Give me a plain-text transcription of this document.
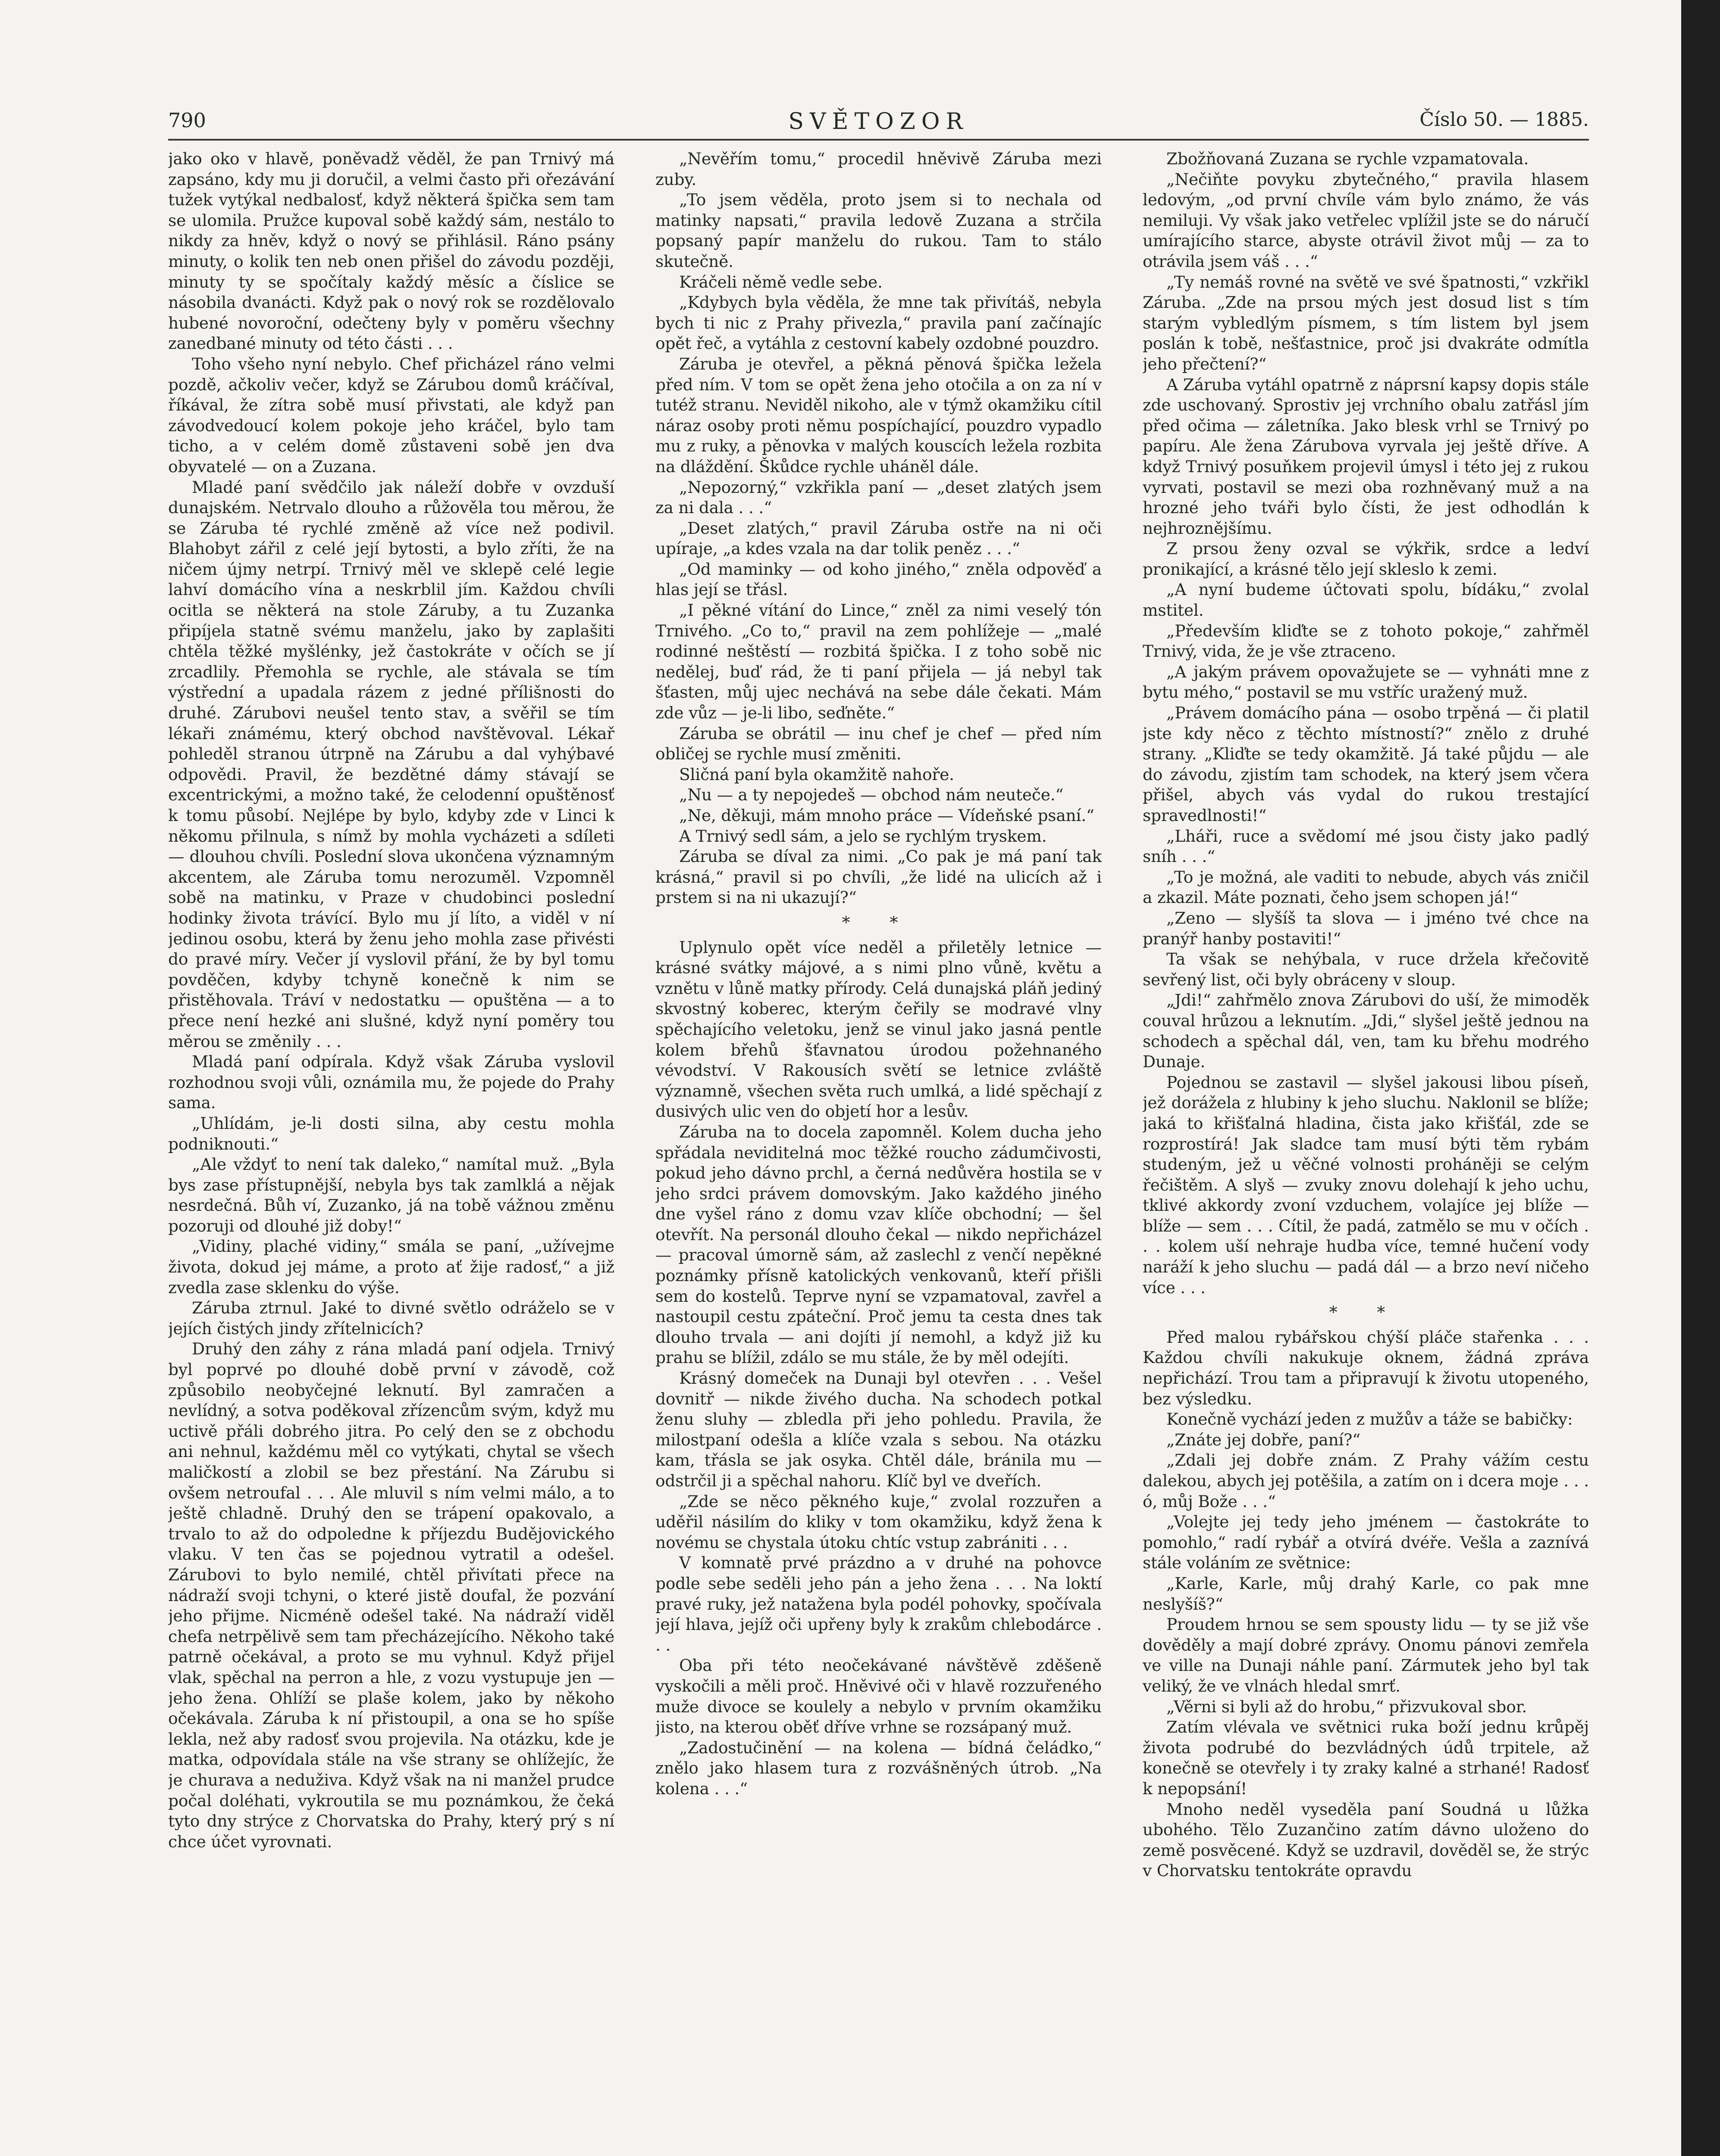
790	SVĚTOZOR	Číslo 50. — 1885.

jako oko v hlavě, poněvadž věděl, že pan Trnivý má zapsáno, kdy mu ji doručil, a velmi často při ořezávání tužek vytýkal nedbalosť, když některá špička sem tam se ulomila. Pružce kupoval sobě každý sám, nestálo to nikdy za hněv, když o nový se přihlásil. Ráno psány minuty, o kolik ten neb onen přišel do závodu později, minuty ty se spočítaly každý měsíc a číslice se násobila dvanácti. Když pak o nový rok se rozdělovalo hubené novoroční, odečteny byly v poměru všechny zanedbané minuty od této části . . .

Toho všeho nyní nebylo. Chef přicházel ráno velmi pozdě, ačkoliv večer, když se Zárubou domů kráčíval, říkával, že zítra sobě musí přivstati, ale když pan závodvedoucí kolem pokoje jeho kráčel, bylo tam ticho, a v celém domě zůstaveni sobě jen dva obyvatelé — on a Zuzana.

Mladé paní svědčilo jak náleží dobře v ovzduší dunajském. Netrvalo dlouho a růžověla tou měrou, že se Záruba té rychlé změně až více než podivil. Blahobyt zářil z celé její bytosti, a bylo zříti, že na ničem újmy netrpí. Trnivý měl ve sklepě celé legie lahví domácího vína a neskrblil jím. Každou chvíli ocitla se některá na stole Záruby, a tu Zuzanka připíjela statně svému manželu, jako by zaplašiti chtěla těžké myšlénky, jež častokráte v očích se jí zrcadlily. Přemohla se rychle, ale stávala se tím výstřední a upadala rázem z jedné přílišnosti do druhé. Zárubovi neušel tento stav, a svěřil se tím lékaři známému, který obchod navštěvoval. Lékař pohleděl stranou útrpně na Zárubu a dal vyhýbavé odpovědi. Pravil, že bezdětné dámy stávají se excentrickými, a možno také, že celodenní opuštěnosť k tomu působí. Nejlépe by bylo, kdyby zde v Linci k někomu přilnula, s nímž by mohla vycházeti a sdíleti — dlouhou chvíli. Poslední slova ukončena významným akcentem, ale Záruba tomu nerozuměl. Vzpomněl sobě na matinku, v Praze v chudobinci poslední hodinky života trávící. Bylo mu jí líto, a viděl v ní jedinou osobu, která by ženu jeho mohla zase přivésti do pravé míry. Večer jí vyslovil přání, že by byl tomu povděčen, kdyby tchyně konečně k nim se přistěhovala. Tráví v nedostatku — opuštěna — a to přece není hezké ani slušné, když nyní poměry tou měrou se změnily . . .

Mladá paní odpírala. Když však Záruba vyslovil rozhodnou svoji vůli, oznámila mu, že pojede do Prahy sama.

„Uhlídám, je-li dosti silna, aby cestu mohla podniknouti.“

„Ale vždyť to není tak daleko,“ namítal muž. „Byla bys zase přístupnější, nebyla bys tak zamlklá a nějak nesrdečná. Bůh ví, Zuzanko, já na tobě vážnou změnu pozoruji od dlouhé již doby!“

„Vidiny, plaché vidiny,“ smála se paní, „užívejme života, dokud jej máme, a proto ať žije radosť,“ a již zvedla zase sklenku do výše.

Záruba ztrnul. Jaké to divné světlo odráželo se v jejích čistých jindy zřítelnicích?

Druhý den záhy z rána mladá paní odjela. Trnivý byl poprvé po dlouhé době první v závodě, což způsobilo neobyčejné leknutí. Byl zamračen a nevlídný, a sotva poděkoval zřízencům svým, když mu uctivě přáli dobrého jitra. Po celý den se z obchodu ani nehnul, každému měl co vytýkati, chytal se všech maličkostí a zlobil se bez přestání. Na Zárubu si ovšem netroufal . . . Ale mluvil s ním velmi málo, a to ještě chladně. Druhý den se trápení opakovalo, a trvalo to až do odpoledne k příjezdu Budějovického vlaku. V ten čas se pojednou vytratil a odešel. Zárubovi to bylo nemilé, chtěl přivítati přece na nádraží svoji tchyni, o které jistě doufal, že pozvání jeho přijme. Nicméně odešel také. Na nádraží viděl chefa netrpělivě sem tam přecházejícího. Někoho také patrně očekával, a proto se mu vyhnul. Když přijel vlak, spěchal na perron a hle, z vozu vystupuje jen — jeho žena. Ohlíží se plaše kolem, jako by někoho očekávala. Záruba k ní přistoupil, a ona se ho spíše lekla, než aby radosť svou projevila. Na otázku, kde je matka, odpovídala stále na vše strany se ohlížejíc, že je churava a neduživa. Když však na ni manžel prudce počal doléhati, vykroutila se mu poznámkou, že čeká tyto dny strýce z Chorvatska do Prahy, který prý s ní chce účet vyrovnati.

„Nevěřím tomu,“ procedil hněvivě Záruba mezi zuby.

„To jsem věděla, proto jsem si to nechala od matinky napsati,“ pravila ledově Zuzana a strčila popsaný papír manželu do rukou. Tam to stálo skutečně.

Kráčeli němě vedle sebe.

„Kdybych byla věděla, že mne tak přivítáš, nebyla bych ti nic z Prahy přivezla,“ pravila paní začínajíc opět řeč, a vytáhla z cestovní kabely ozdobné pouzdro.

Záruba je otevřel, a pěkná pěnová špička ležela před ním. V tom se opět žena jeho otočila a on za ní v tutéž stranu. Neviděl nikoho, ale v týmž okamžiku cítil náraz osoby proti němu pospíchající, pouzdro vypadlo mu z ruky, a pěnovka v malých kouscích ležela rozbita na dláždění. Škůdce rychle uháněl dále.

„Nepozorný,“ vzkřikla paní — „deset zlatých jsem za ni dala . . .“

„Deset zlatých,“ pravil Záruba ostře na ni oči upíraje, „a kdes vzala na dar tolik peněz . . .“

„Od maminky — od koho jiného,“ zněla odpověď a hlas její se třásl.

„I pěkné vítání do Lince,“ zněl za nimi veselý tón Trnivého. „Co to,“ pravil na zem pohlížeje — „malé rodinné neštěstí — rozbitá špička. I z toho sobě nic nedělej, buď rád, že ti paní přijela — já nebyl tak šťasten, můj ujec nechává na sebe dále čekati. Mám zde vůz — je-li libo, seďněte.“

Záruba se obrátil — inu chef je chef — před ním obličej se rychle musí změniti.

Sličná paní byla okamžitě nahoře.

„Nu — a ty nepojedeš — obchod nám neuteče.“

„Ne, děkuji, mám mnoho práce — Vídeňské psaní.“

A Trnivý sedl sám, a jelo se rychlým tryskem.

Záruba se díval za nimi. „Co pak je má paní tak krásná,“ pravil si po chvíli, „že lidé na ulicích až i prstem si na ni ukazují?“

* *

Uplynulo opět více neděl a přiletěly letnice — krásné svátky májové, a s nimi plno vůně, květu a vznětu v lůně matky přírody. Celá dunajská pláň jediný skvostný koberec, kterým čeřily se modravé vlny spěchajícího veletoku, jenž se vinul jako jasná pentle kolem břehů šťavnatou úrodou požehnaného vévodství. V Rakousích světí se letnice zvláště významně, všechen světa ruch umlká, a lidé spěchají z dusivých ulic ven do objetí hor a lesův.

Záruba na to docela zapomněl. Kolem ducha jeho spřádala neviditelná moc těžké roucho zádumčivosti, pokud jeho dávno prchl, a černá nedůvěra hostila se v jeho srdci právem domovským. Jako každého jiného dne vyšel ráno z domu vzav klíče obchodní; — šel otevřít. Na personál dlouho čekal — nikdo nepřicházel — pracoval úmorně sám, až zaslechl z venčí nepěkné poznámky přísně katolických venkovanů, kteří přišli sem do kostelů. Teprve nyní se vzpamatoval, zavřel a nastoupil cestu zpáteční. Proč jemu ta cesta dnes tak dlouho trvala — ani dojíti jí nemohl, a když již ku prahu se blížil, zdálo se mu stále, že by měl odejíti.

Krásný domeček na Dunaji byl otevřen . . . Vešel dovnitř — nikde živého ducha. Na schodech potkal ženu sluhy — zbledla při jeho pohledu. Pravila, že milostpaní odešla a klíče vzala s sebou. Na otázku kam, třásla se jak osyka. Chtěl dále, bránila mu — odstrčil ji a spěchal nahoru. Klíč byl ve dveřích.

„Zde se něco pěkného kuje,“ zvolal rozzuřen a uděřil násilím do kliky v tom okamžiku, když žena k novému se chystala útoku chtíc vstup zabrániti . . .

V komnatě prvé prázdno a v druhé na pohovce podle sebe seděli jeho pán a jeho žena . . . Na loktí pravé ruky, jež natažena byla podél pohovky, spočívala její hlava, jejíž oči upřeny byly k zrakům chlebodárce . . .

Oba při této neočekávané návštěvě zděšeně vyskočili a měli proč. Hněvivé oči v hlavě rozzuřeného muže divoce se koulely a nebylo v prvním okamžiku jisto, na kterou oběť dříve vrhne se rozsápaný muž.

„Zadostučinění — na kolena — bídná čeládko,“ znělo jako hlasem tura z rozvášněných útrob. „Na kolena . . .“

Zbožňovaná Zuzana se rychle vzpamatovala.

„Nečiňte povyku zbytečného,“ pravila hlasem ledovým, „od první chvíle vám bylo známo, že vás nemiluji. Vy však jako vetřelec vplížil jste se do náručí umírajícího starce, abyste otrávil život můj — za to otrávila jsem váš . . .“

„Ty nemáš rovné na světě ve své špatnosti,“ vzkřikl Záruba. „Zde na prsou mých jest dosud list s tím starým vybledlým písmem, s tím listem byl jsem poslán k tobě, nešťastnice, proč jsi dvakráte odmítla jeho přečtení?“

A Záruba vytáhl opatrně z náprsní kapsy dopis stále zde uschovaný. Sprostiv jej vrchního obalu zatřásl jím před očima — záletníka. Jako blesk vrhl se Trnivý po papíru. Ale žena Zárubova vyrvala jej ještě dříve. A když Trnivý posuňkem projevil úmysl i této jej z rukou vyrvati, postavil se mezi oba rozhněvaný muž a na hrozné jeho tváři bylo čísti, že jest odhodlán k nejhroznějšímu.

Z prsou ženy ozval se výkřik, srdce a ledví pronikající, a krásné tělo její skleslo k zemi.

„A nyní budeme účtovati spolu, bídáku,“ zvolal mstitel.

„Především kliďte se z tohoto pokoje,“ zahřměl Trnivý, vida, že je vše ztraceno.

„A jakým právem opovažujete se — vyhnáti mne z bytu mého,“ postavil se mu vstříc uražený muž.

„Právem domácího pána — osobo trpěná — či platil jste kdy něco z těchto místností?“ znělo z druhé strany. „Kliďte se tedy okamžitě. Já také půjdu — ale do závodu, zjistím tam schodek, na který jsem včera přišel, abych vás vydal do rukou trestající spravedlnosti!“

„Lháři, ruce a svědomí mé jsou čisty jako padlý sníh . . .“

„To je možná, ale vaditi to nebude, abych vás zničil a zkazil. Máte poznati, čeho jsem schopen já!“

„Zeno — slyšíš ta slova — i jméno tvé chce na pranýř hanby postaviti!“

Ta však se nehýbala, v ruce držela křečovitě sevřený list, oči byly obráceny v sloup.

„Jdi!“ zahřmělo znova Zárubovi do uší, že mimoděk couval hrůzou a leknutím. „Jdi,“ slyšel ještě jednou na schodech a spěchal dál, ven, tam ku břehu modrého Dunaje.

Pojednou se zastavil — slyšel jakousi libou píseň, jež dorážela z hlubiny k jeho sluchu. Naklonil se blíže; jaká to křišťalná hladina, čista jako křišťál, zde se rozprostírá! Jak sladce tam musí býti těm rybám studeným, jež u věčné volnosti proháněji se celým řečištěm. A slyš — zvuky znovu dolehají k jeho uchu, tklivé akkordy zvoní vzduchem, volajíce jej blíže — blíže — sem . . . Cítil, že padá, zatmělo se mu v očích . . . kolem uší nehraje hudba více, temné hučení vody naráží k jeho sluchu — padá dál — a brzo neví ničeho více . . .

* *

Před malou rybářskou chýší pláče stařenka . . . Každou chvíli nakukuje oknem, žádná zpráva nepřichází. Trou tam a připravují k životu utopeného, bez výsledku.

Konečně vychází jeden z mužův a táže se babičky:

„Znáte jej dobře, paní?“

„Zdali jej dobře znám. Z Prahy vážím cestu dalekou, abych jej potěšila, a zatím on i dcera moje . . . ó, můj Bože . . .“

„Volejte jej tedy jeho jménem — častokráte to pomohlo,“ radí rybář a otvírá dvéře. Vešla a zaznívá stále voláním ze světnice:

„Karle, Karle, můj drahý Karle, co pak mne neslyšíš?“

Proudem hrnou se sem spousty lidu — ty se již vše dověděly a mají dobré zprávy. Onomu pánovi zemřela ve ville na Dunaji náhle paní. Zármutek jeho byl tak veliký, že ve vlnách hledal smrť.

„Věrni si byli až do hrobu,“ přizvukoval sbor.

Zatím vlévala ve světnici ruka boží jednu krůpěj života podrubé do bezvládných údů trpitele, až konečně se otevřely i ty zraky kalné a strhané! Radosť k nepopsání!

Mnoho neděl vyseděla paní Soudná u lůžka ubohého. Tělo Zuzančino zatím dávno uloženo do země posvěcené. Když se uzdravil, dověděl se, že strýc v Chorvatsku tentokráte opravdu
